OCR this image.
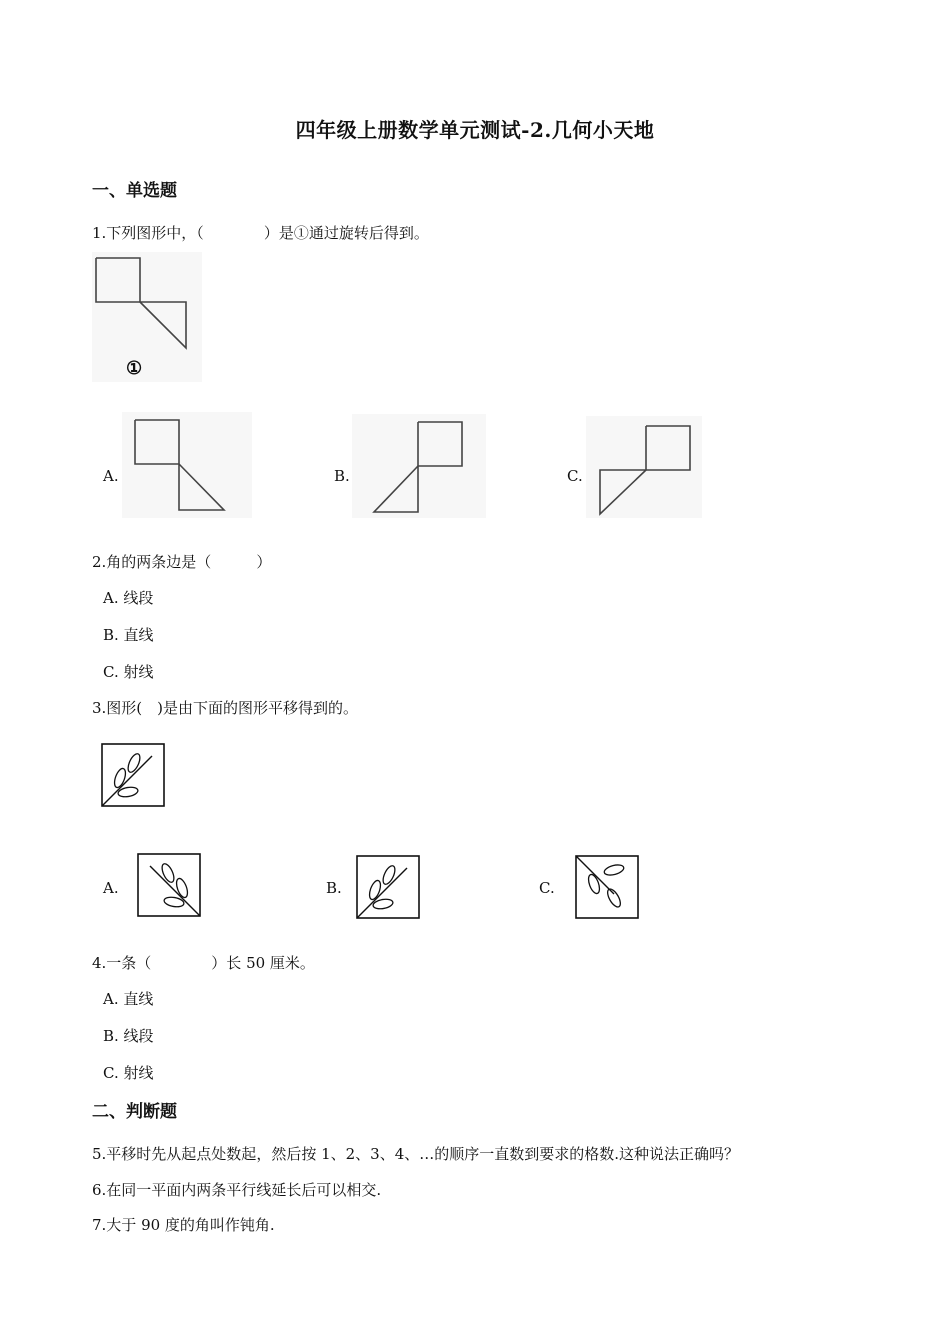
四年级上册数学单元测试-2.几何小天地
一、单选题
1.下列图形中，（　　　　）是①通过旋转后得到。
①
A.	B.	C.
2.角的两条边是（　　　）
A. 线段
B. 直线
C. 射线
3.图形(　)是由下面的图形平移得到的。
A.	B.	C.
4.一条（　　　　）长 50 厘米。
A. 直线
B. 线段
C. 射线
二、判断题
5.平移时先从起点处数起，然后按 1、2、3、4、…的顺序一直数到要求的格数.这种说法正确吗？
6.在同一平面内两条平行线延长后可以相交.
7.大于 90 度的角叫作钝角.
